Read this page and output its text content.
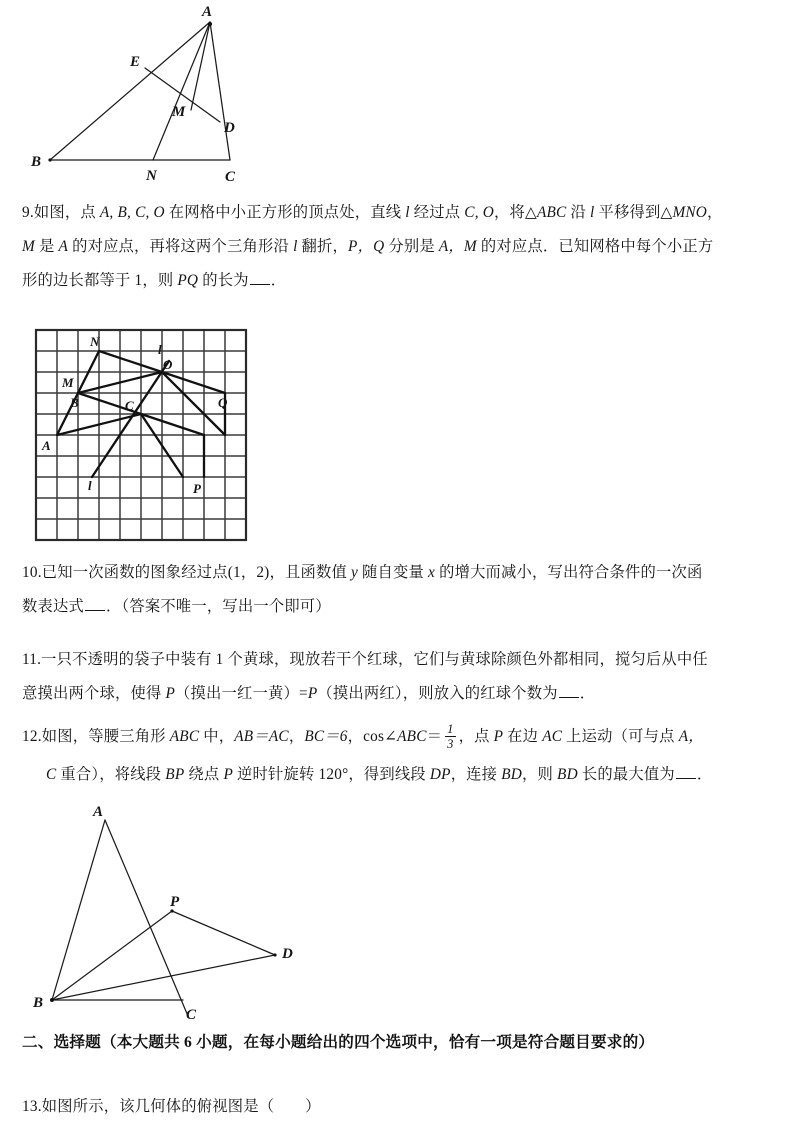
A
E
M
D
B
N	C
9.如图，点 A, B, C, O 在网格中小正方形的顶点处，直线 l 经过点 C, O，将△ABC 沿 l 平移得到△MNO，
M 是 A 的对应点，再将这两个三角形沿 l 翻折，P，Q 分别是 A，M 的对应点．已知网格中每个小正方
形的边长都等于 1，则 PQ 的长为 ．
N
l
O
M
B	C	Q
A
l	P
10.已知一次函数的图象经过点(1，2)，且函数值 y 随自变量 x 的增大而减小，写出符合条件的一次函
数表达式 ．（答案不唯一，写出一个即可）
11.一只不透明的袋子中装有 1 个黄球，现放若干个红球，它们与黄球除颜色外都相同，搅匀后从中任
意摸出两个球，使得 P（摸出一红一黄）=P（摸出两红），则放入的红球个数为 ．
12.如图，等腰三角形 ABC 中，AB＝AC，BC＝6，cos∠ABC＝ $\frac{1}{3}$ ，点 P 在边 AC 上运动（可与点 A，
C 重合），将线段 BP 绕点 P 逆时针旋转 120°，得到线段 DP，连接 BD，则 BD 长的最大值为 ．
A
P
D
B
C
二、选择题（本大题共 6 小题，在每小题给出的四个选项中，恰有一项是符合题目要求的）
13.如图所示，该几何体的俯视图是（　　）
